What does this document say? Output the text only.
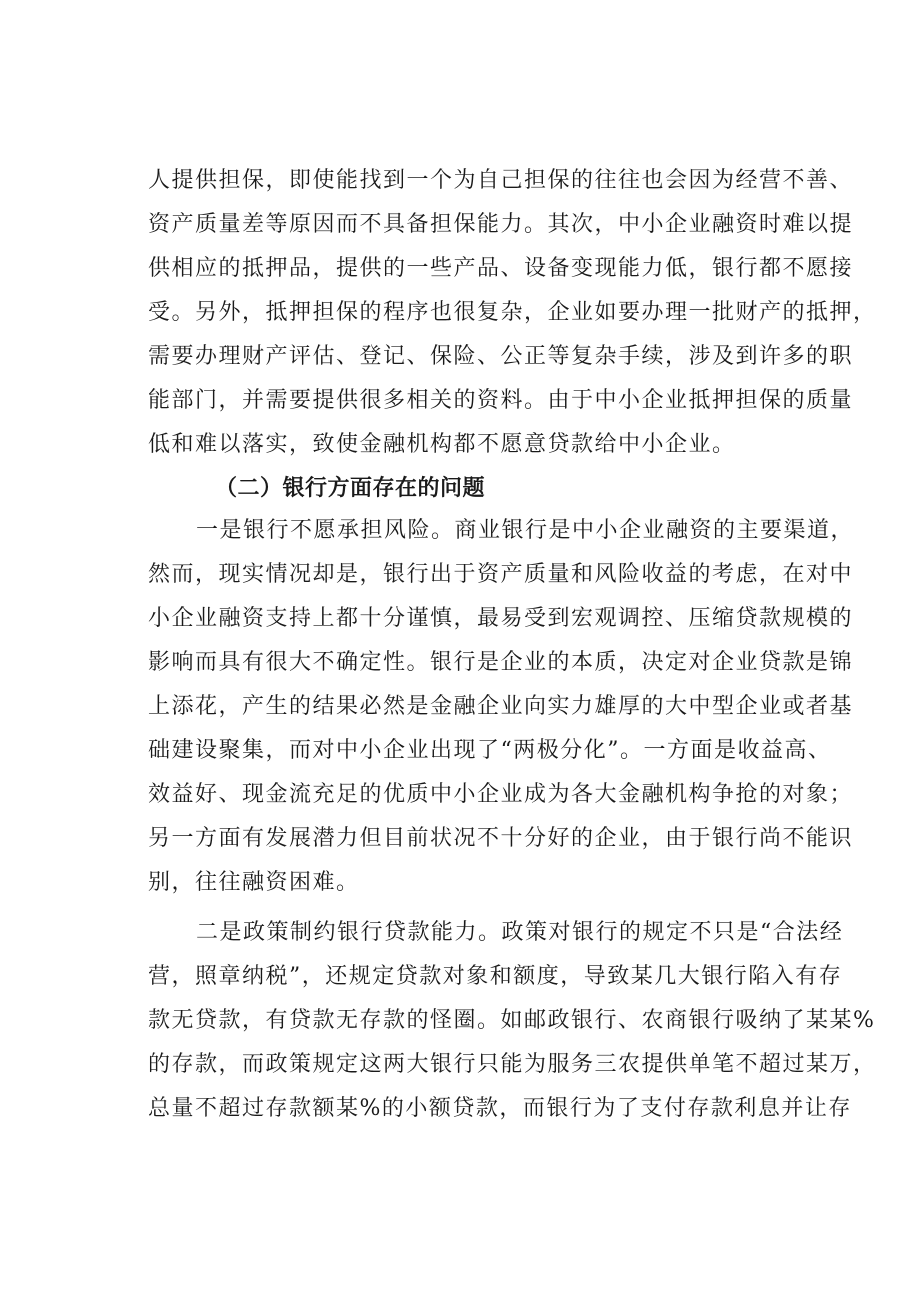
人提供担保，即使能找到一个为自己担保的往往也会因为经营不善、
资产质量差等原因而不具备担保能力。其次，中小企业融资时难以提
供相应的抵押品，提供的一些产品、设备变现能力低，银行都不愿接
受。另外，抵押担保的程序也很复杂，企业如要办理一批财产的抵押，
需要办理财产评估、登记、保险、公正等复杂手续，涉及到许多的职
能部门，并需要提供很多相关的资料。由于中小企业抵押担保的质量
低和难以落实，致使金融机构都不愿意贷款给中小企业。
（二）银行方面存在的问题
一是银行不愿承担风险。商业银行是中小企业融资的主要渠道，
然而，现实情况却是，银行出于资产质量和风险收益的考虑，在对中
小企业融资支持上都十分谨慎，最易受到宏观调控、压缩贷款规模的
影响而具有很大不确定性。银行是企业的本质，决定对企业贷款是锦
上添花，产生的结果必然是金融企业向实力雄厚的大中型企业或者基
础建设聚集，而对中小企业出现了“两极分化”。一方面是收益高、
效益好、现金流充足的优质中小企业成为各大金融机构争抢的对象；
另一方面有发展潜力但目前状况不十分好的企业，由于银行尚不能识
别，往往融资困难。
二是政策制约银行贷款能力。政策对银行的规定不只是“合法经
营，照章纳税”，还规定贷款对象和额度，导致某几大银行陷入有存
款无贷款，有贷款无存款的怪圈。如邮政银行、农商银行吸纳了某某%
的存款，而政策规定这两大银行只能为服务三农提供单笔不超过某万，
总量不超过存款额某%的小额贷款，而银行为了支付存款利息并让存
